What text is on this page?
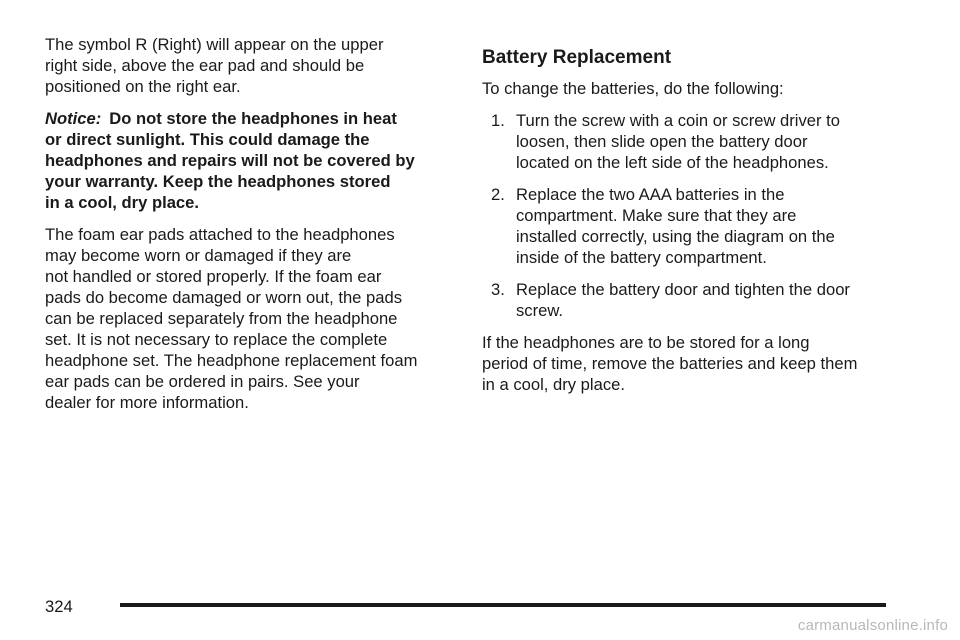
The symbol R (Right) will appear on the upper
right side, above the ear pad and should be
positioned on the right ear.

Notice: Do not store the headphones in heat
or direct sunlight. This could damage the
headphones and repairs will not be covered by
your warranty. Keep the headphones stored
in a cool, dry place.

The foam ear pads attached to the headphones
may become worn or damaged if they are
not handled or stored properly. If the foam ear
pads do become damaged or worn out, the pads
can be replaced separately from the headphone
set. It is not necessary to replace the complete
headphone set. The headphone replacement foam
ear pads can be ordered in pairs. See your
dealer for more information.

Battery Replacement

To change the batteries, do the following:

1. Turn the screw with a coin or screw driver to
loosen, then slide open the battery door
located on the left side of the headphones.
2. Replace the two AAA batteries in the
compartment. Make sure that they are
installed correctly, using the diagram on the
inside of the battery compartment.
3. Replace the battery door and tighten the door
screw.

If the headphones are to be stored for a long
period of time, remove the batteries and keep them
in a cool, dry place.

324
carmanualsonline.info
